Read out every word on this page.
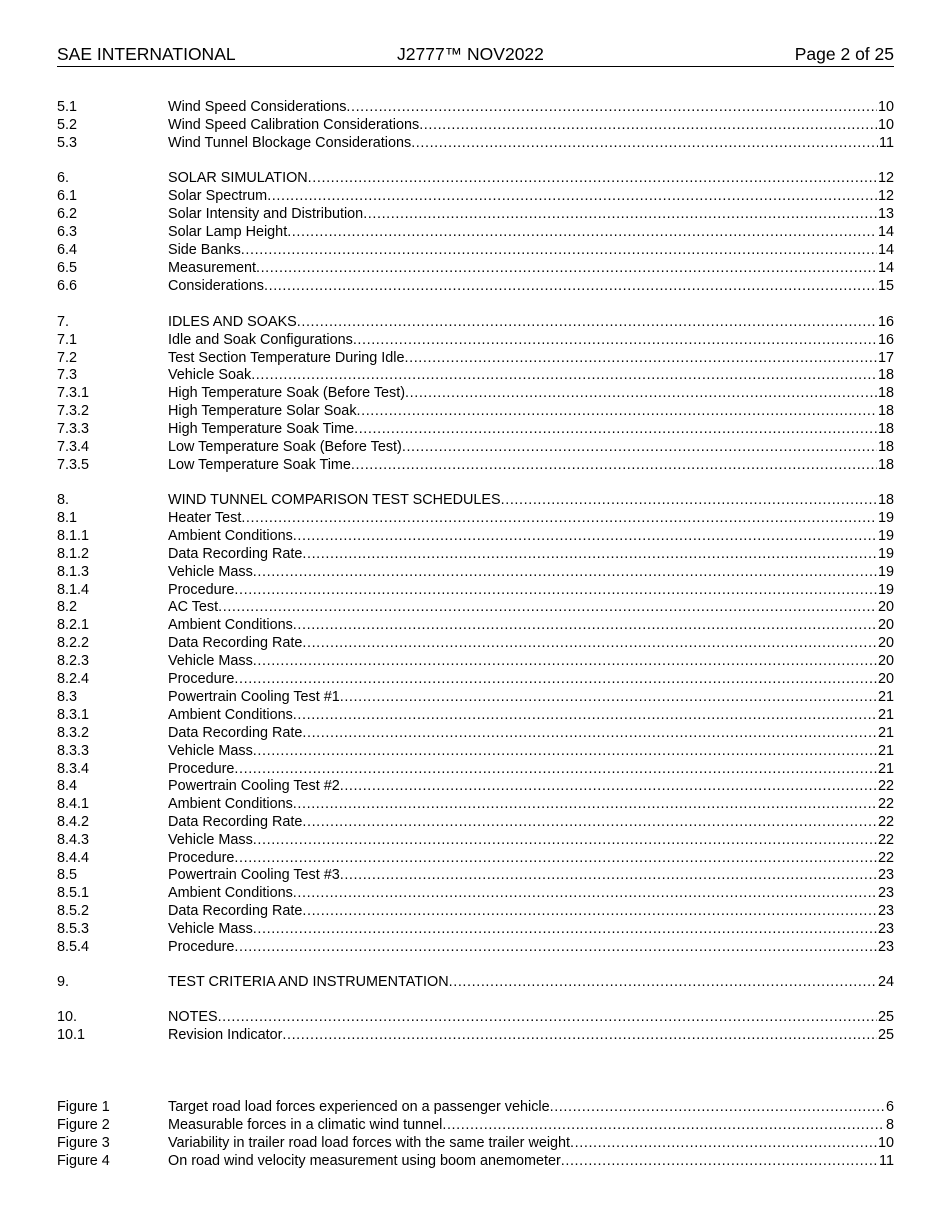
SAE INTERNATIONAL	J2777™ NOV2022	Page 2 of 25
5.1	Wind Speed Considerations .....	10
5.2	Wind Speed Calibration Considerations .....	10
5.3	Wind Tunnel Blockage Considerations .....	11
6.	SOLAR SIMULATION .....	12
6.1	Solar Spectrum .....	12
6.2	Solar Intensity and Distribution .....	13
6.3	Solar Lamp Height .....	14
6.4	Side Banks .....	14
6.5	Measurement .....	14
6.6	Considerations .....	15
7.	IDLES AND SOAKS .....	16
7.1	Idle and Soak Configurations .....	16
7.2	Test Section Temperature During Idle .....	17
7.3	Vehicle Soak .....	18
7.3.1	High Temperature Soak (Before Test) .....	18
7.3.2	High Temperature Solar Soak .....	18
7.3.3	High Temperature Soak Time .....	18
7.3.4	Low Temperature Soak (Before Test) .....	18
7.3.5	Low Temperature Soak Time .....	18
8.	WIND TUNNEL COMPARISON TEST SCHEDULES .....	18
8.1	Heater Test .....	19
8.1.1	Ambient Conditions .....	19
8.1.2	Data Recording Rate .....	19
8.1.3	Vehicle Mass .....	19
8.1.4	Procedure .....	19
8.2	AC Test .....	20
8.2.1	Ambient Conditions .....	20
8.2.2	Data Recording Rate .....	20
8.2.3	Vehicle Mass .....	20
8.2.4	Procedure .....	20
8.3	Powertrain Cooling Test #1 .....	21
8.3.1	Ambient Conditions .....	21
8.3.2	Data Recording Rate .....	21
8.3.3	Vehicle Mass .....	21
8.3.4	Procedure .....	21
8.4	Powertrain Cooling Test #2 .....	22
8.4.1	Ambient Conditions .....	22
8.4.2	Data Recording Rate .....	22
8.4.3	Vehicle Mass .....	22
8.4.4	Procedure .....	22
8.5	Powertrain Cooling Test #3 .....	23
8.5.1	Ambient Conditions .....	23
8.5.2	Data Recording Rate .....	23
8.5.3	Vehicle Mass .....	23
8.5.4	Procedure .....	23
9.	TEST CRITERIA AND INSTRUMENTATION .....	24
10.	NOTES .....	25
10.1	Revision Indicator .....	25
Figure 1	Target road load forces experienced on a passenger vehicle .....	6
Figure 2	Measurable forces in a climatic wind tunnel .....	8
Figure 3	Variability in trailer road load forces with the same trailer weight .....	10
Figure 4	On road wind velocity measurement using boom anemometer .....	11
